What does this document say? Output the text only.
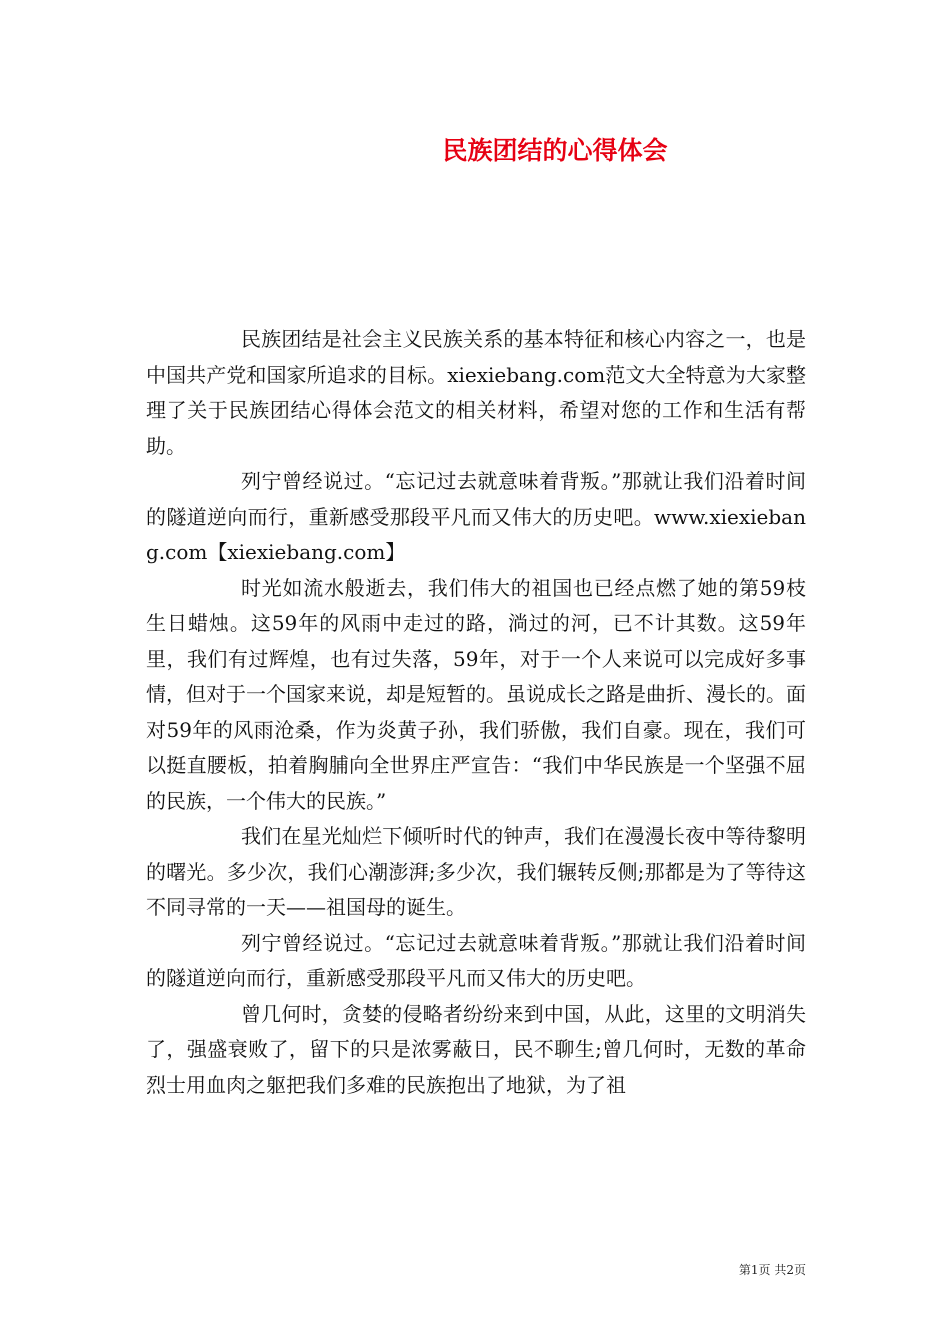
民族团结的心得体会

民族团结是社会主义民族关系的基本特征和核心内容之一，也是中国共产党和国家所追求的目标。xiexiebang.com范文大全特意为大家整理了关于民族团结心得体会范文的相关材料，希望对您的工作和生活有帮助。

列宁曾经说过。“忘记过去就意味着背叛。”那就让我们沿着时间的隧道逆向而行，重新感受那段平凡而又伟大的历史吧。www.xiexiebang.com【xiexiebang.com】

时光如流水般逝去，我们伟大的祖国也已经点燃了她的第59枝生日蜡烛。这59年的风雨中走过的路，淌过的河，已不计其数。这59年里，我们有过辉煌，也有过失落，59年，对于一个人来说可以完成好多事情，但对于一个国家来说，却是短暂的。虽说成长之路是曲折、漫长的。面对59年的风雨沧桑，作为炎黄子孙，我们骄傲，我们自豪。现在，我们可以挺直腰板，拍着胸脯向全世界庄严宣告：“我们中华民族是一个坚强不屈的民族，一个伟大的民族。”

我们在星光灿烂下倾听时代的钟声，我们在漫漫长夜中等待黎明的曙光。多少次，我们心潮澎湃;多少次，我们辗转反侧;那都是为了等待这不同寻常的一天——祖国母的诞生。

列宁曾经说过。“忘记过去就意味着背叛。”那就让我们沿着时间的隧道逆向而行，重新感受那段平凡而又伟大的历史吧。

曾几何时，贪婪的侵略者纷纷来到中国，从此，这里的文明消失了，强盛衰败了，留下的只是浓雾蔽日，民不聊生;曾几何时，无数的革命烈士用血肉之躯把我们多难的民族抱出了地狱，为了祖

第1页 共2页
